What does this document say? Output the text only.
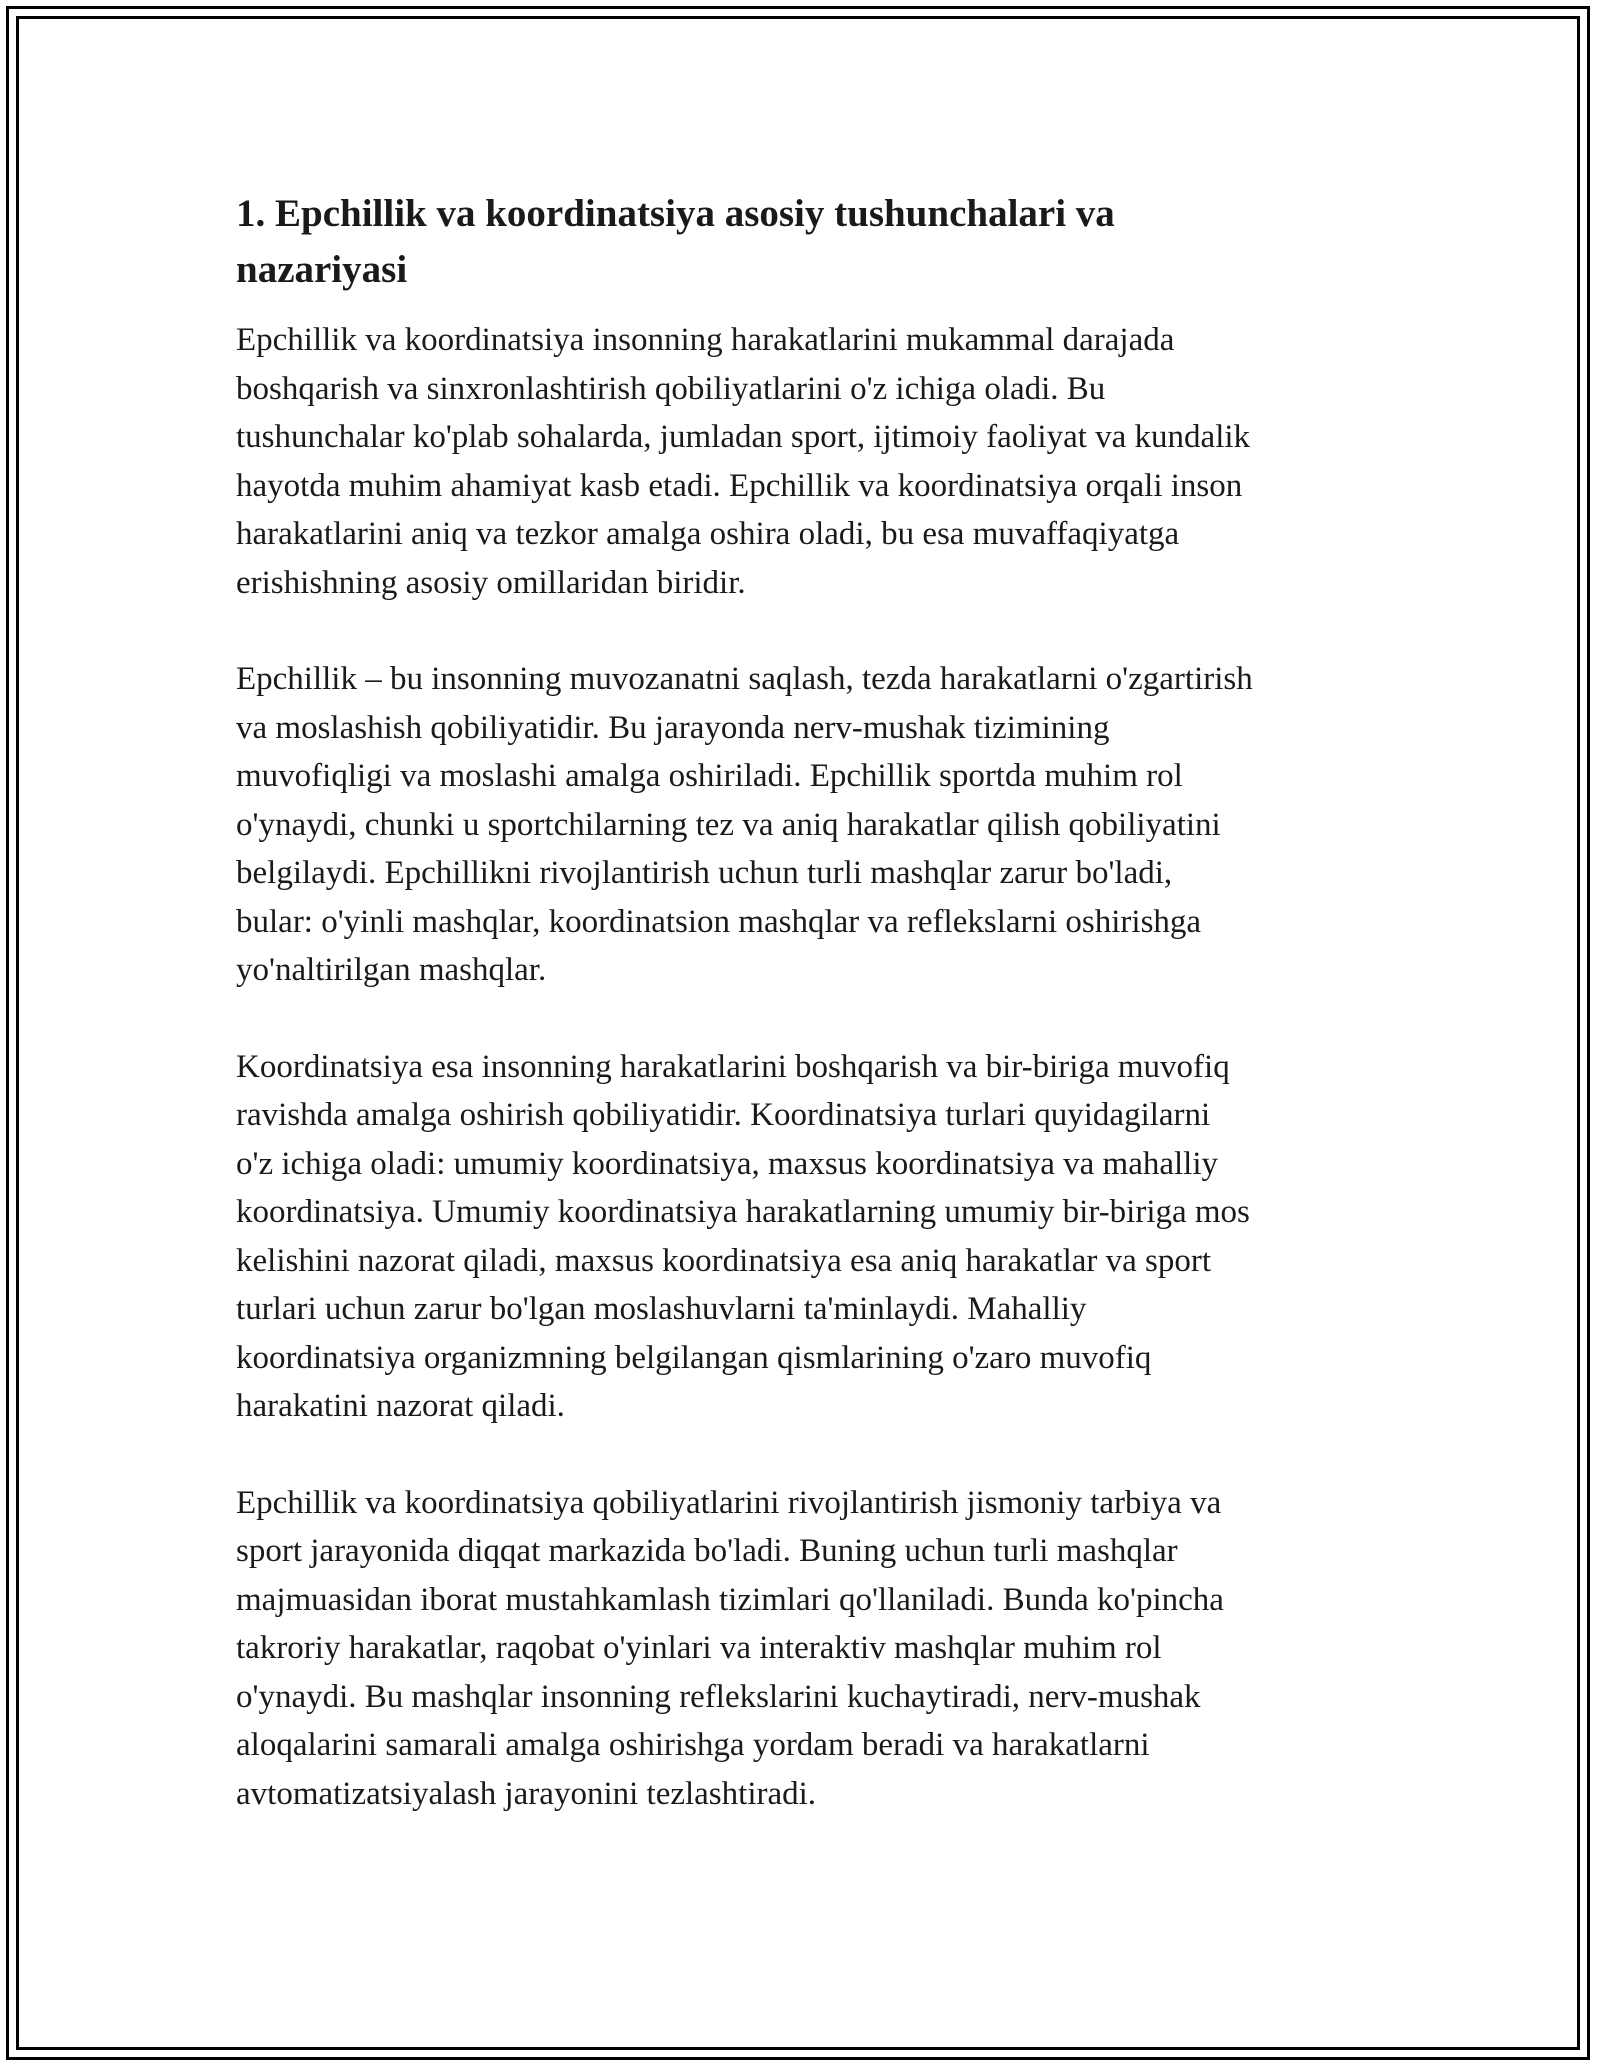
1. Epchillik va koordinatsiya asosiy tushunchalari va
nazariyasi

Epchillik va koordinatsiya insonning harakatlarini mukammal darajada
boshqarish va sinxronlashtirish qobiliyatlarini o'z ichiga oladi. Bu
tushunchalar ko'plab sohalarda, jumladan sport, ijtimoiy faoliyat va kundalik
hayotda muhim ahamiyat kasb etadi. Epchillik va koordinatsiya orqali inson
harakatlarini aniq va tezkor amalga oshira oladi, bu esa muvaffaqiyatga
erishishning asosiy omillaridan biridir.

Epchillik – bu insonning muvozanatni saqlash, tezda harakatlarni o'zgartirish
va moslashish qobiliyatidir. Bu jarayonda nerv-mushak tizimining
muvofiqligi va moslashi amalga oshiriladi. Epchillik sportda muhim rol
o'ynaydi, chunki u sportchilarning tez va aniq harakatlar qilish qobiliyatini
belgilaydi. Epchillikni rivojlantirish uchun turli mashqlar zarur bo'ladi,
bular: o'yinli mashqlar, koordinatsion mashqlar va reflekslarni oshirishga
yo'naltirilgan mashqlar.

Koordinatsiya esa insonning harakatlarini boshqarish va bir-biriga muvofiq
ravishda amalga oshirish qobiliyatidir. Koordinatsiya turlari quyidagilarni
o'z ichiga oladi: umumiy koordinatsiya, maxsus koordinatsiya va mahalliy
koordinatsiya. Umumiy koordinatsiya harakatlarning umumiy bir-biriga mos
kelishini nazorat qiladi, maxsus koordinatsiya esa aniq harakatlar va sport
turlari uchun zarur bo'lgan moslashuvlarni ta'minlaydi. Mahalliy
koordinatsiya organizmning belgilangan qismlarining o'zaro muvofiq
harakatini nazorat qiladi.

Epchillik va koordinatsiya qobiliyatlarini rivojlantirish jismoniy tarbiya va
sport jarayonida diqqat markazida bo'ladi. Buning uchun turli mashqlar
majmuasidan iborat mustahkamlash tizimlari qo'llaniladi. Bunda ko'pincha
takroriy harakatlar, raqobat o'yinlari va interaktiv mashqlar muhim rol
o'ynaydi. Bu mashqlar insonning reflekslarini kuchaytiradi, nerv-mushak
aloqalarini samarali amalga oshirishga yordam beradi va harakatlarni
avtomatizatsiyalash jarayonini tezlashtiradi.
